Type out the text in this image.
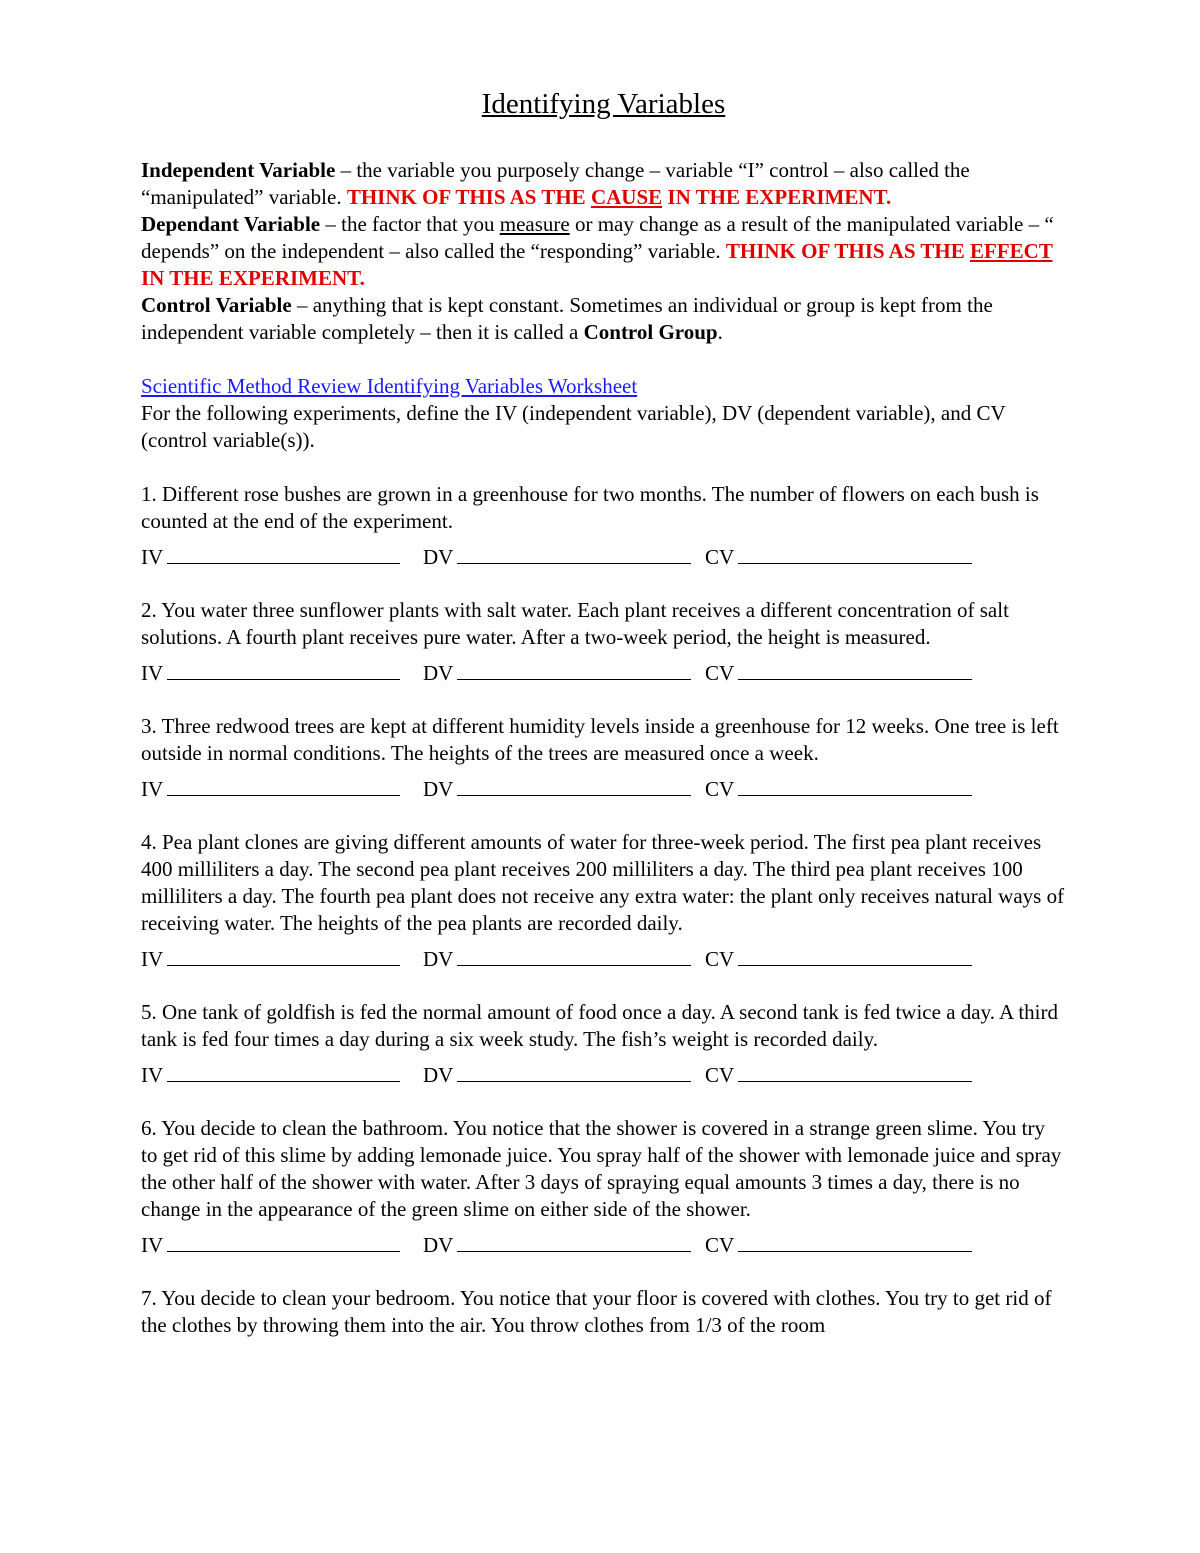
Identifying Variables

Independent Variable – the variable you purposely change – variable “I” control – also called the “manipulated” variable. THINK OF THIS AS THE CAUSE IN THE EXPERIMENT.

Dependant Variable – the factor that you measure or may change as a result of the manipulated variable – “ depends” on the independent – also called the “responding” variable. THINK OF THIS AS THE EFFECT IN THE EXPERIMENT.

Control Variable – anything that is kept constant. Sometimes an individual or group is kept from the independent variable completely – then it is called a Control Group.

Scientific Method Review Identifying Variables Worksheet

For the following experiments, define the IV (independent variable), DV (dependent variable), and CV (control variable(s)).

1. Different rose bushes are grown in a greenhouse for two months. The number of flowers on each bush is counted at the end of the experiment.

IV	DV	CV

2. You water three sunflower plants with salt water. Each plant receives a different concentration of salt solutions. A fourth plant receives pure water. After a two-week period, the height is measured.

IV	DV	CV

3. Three redwood trees are kept at different humidity levels inside a greenhouse for 12 weeks. One tree is left outside in normal conditions. The heights of the trees are measured once a week.

IV	DV	CV

4. Pea plant clones are giving different amounts of water for three-week period. The first pea plant receives 400 milliliters a day. The second pea plant receives 200 milliliters a day. The third pea plant receives 100 milliliters a day. The fourth pea plant does not receive any extra water: the plant only receives natural ways of receiving water. The heights of the pea plants are recorded daily.

IV	DV	CV

5. One tank of goldfish is fed the normal amount of food once a day. A second tank is fed twice a day. A third tank is fed four times a day during a six week study. The fish’s weight is recorded daily.

IV	DV	CV

6. You decide to clean the bathroom. You notice that the shower is covered in a strange green slime. You try to get rid of this slime by adding lemonade juice. You spray half of the shower with lemonade juice and spray the other half of the shower with water. After 3 days of spraying equal amounts 3 times a day, there is no change in the appearance of the green slime on either side of the shower.

IV	DV	CV

7. You decide to clean your bedroom. You notice that your floor is covered with clothes. You try to get rid of the clothes by throwing them into the air. You throw clothes from 1/3 of the room
